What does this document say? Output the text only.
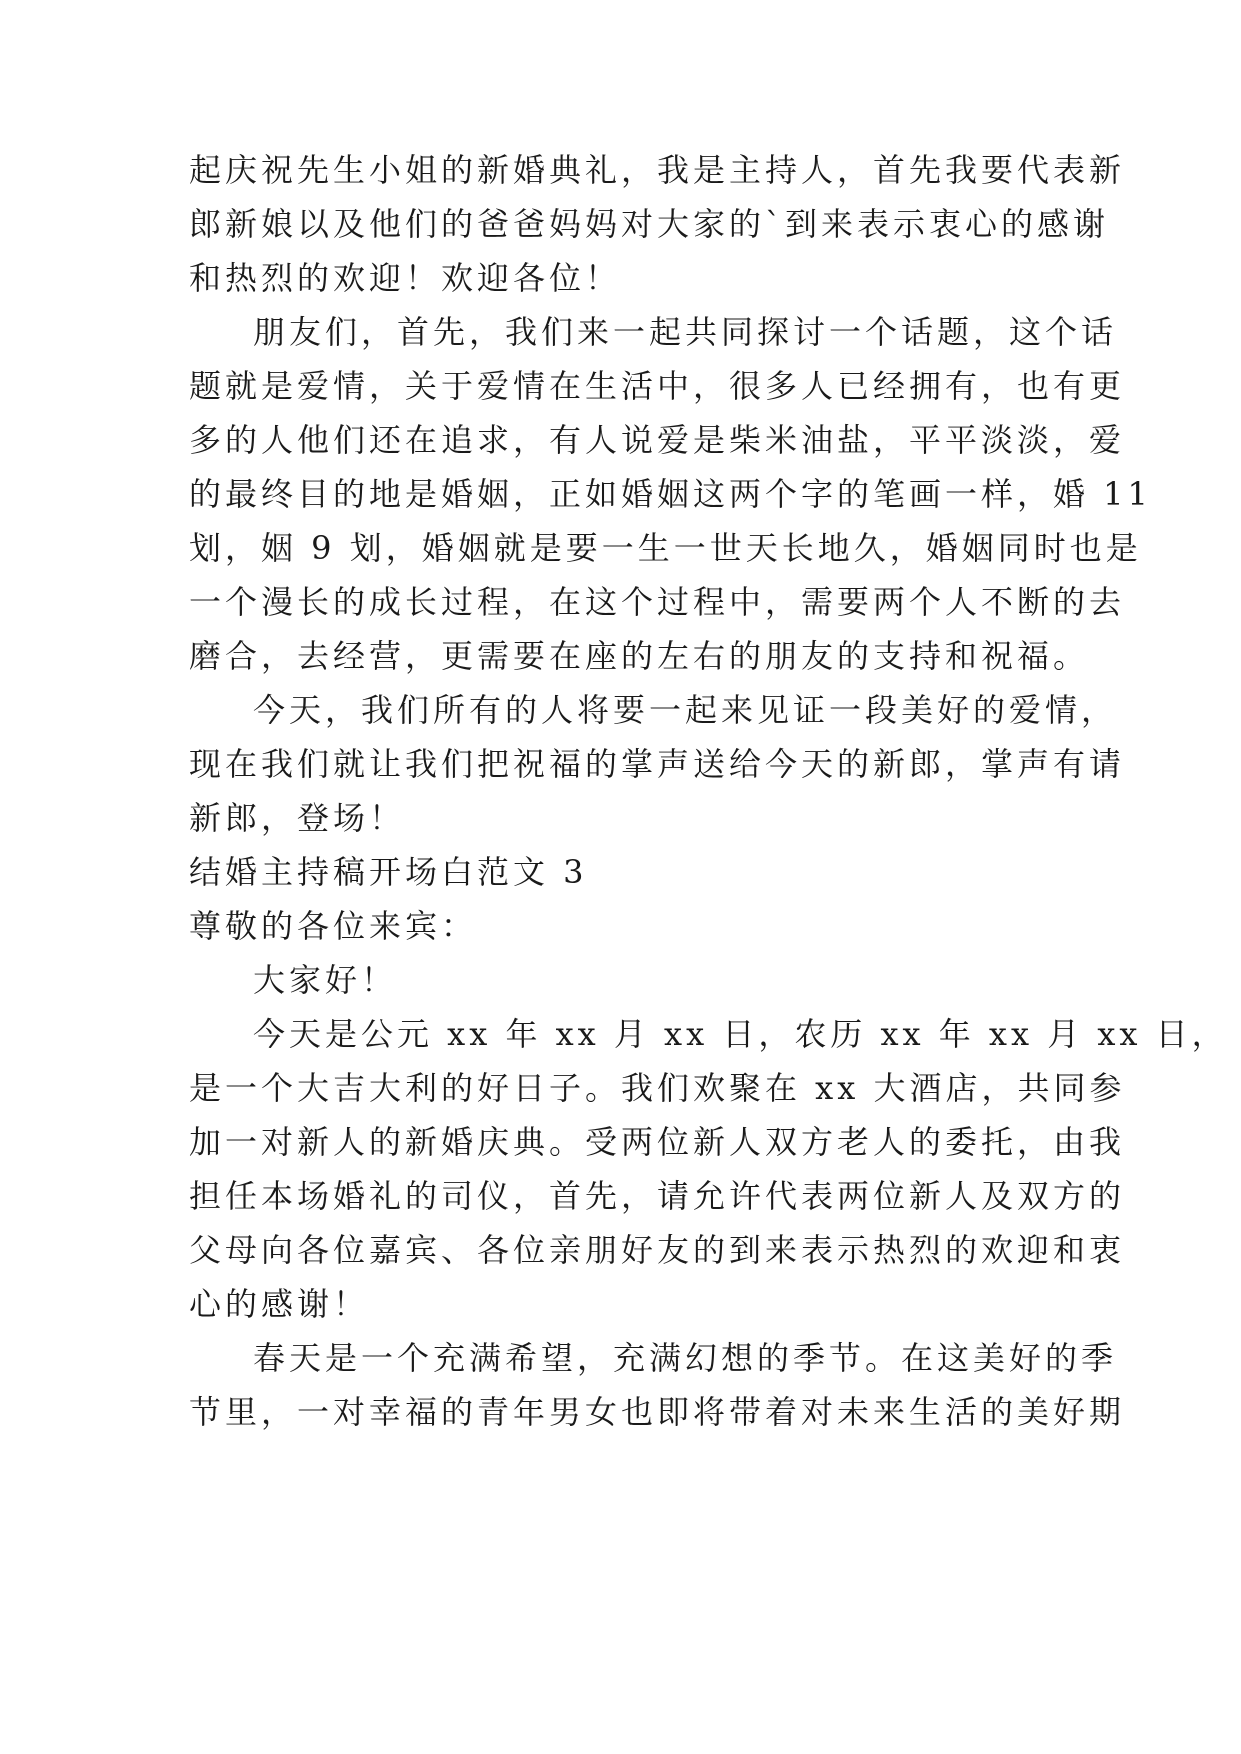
起庆祝先生小姐的新婚典礼，我是主持人，首先我要代表新
郎新娘以及他们的爸爸妈妈对大家的`到来表示衷心的感谢
和热烈的欢迎！欢迎各位！
朋友们，首先，我们来一起共同探讨一个话题，这个话
题就是爱情，关于爱情在生活中，很多人已经拥有，也有更
多的人他们还在追求，有人说爱是柴米油盐，平平淡淡，爱
的最终目的地是婚姻，正如婚姻这两个字的笔画一样，婚 11
划，姻 9 划，婚姻就是要一生一世天长地久，婚姻同时也是
一个漫长的成长过程，在这个过程中，需要两个人不断的去
磨合，去经营，更需要在座的左右的朋友的支持和祝福。
今天，我们所有的人将要一起来见证一段美好的爱情，
现在我们就让我们把祝福的掌声送给今天的新郎，掌声有请
新郎，登场！
结婚主持稿开场白范文 3
尊敬的各位来宾：
大家好！
今天是公元 xx 年 xx 月 xx 日，农历 xx 年 xx 月 xx 日，
是一个大吉大利的好日子。我们欢聚在 xx 大酒店，共同参
加一对新人的新婚庆典。受两位新人双方老人的委托，由我
担任本场婚礼的司仪，首先，请允许代表两位新人及双方的
父母向各位嘉宾、各位亲朋好友的到来表示热烈的欢迎和衷
心的感谢！
春天是一个充满希望，充满幻想的季节。在这美好的季
节里，一对幸福的青年男女也即将带着对未来生活的美好期
